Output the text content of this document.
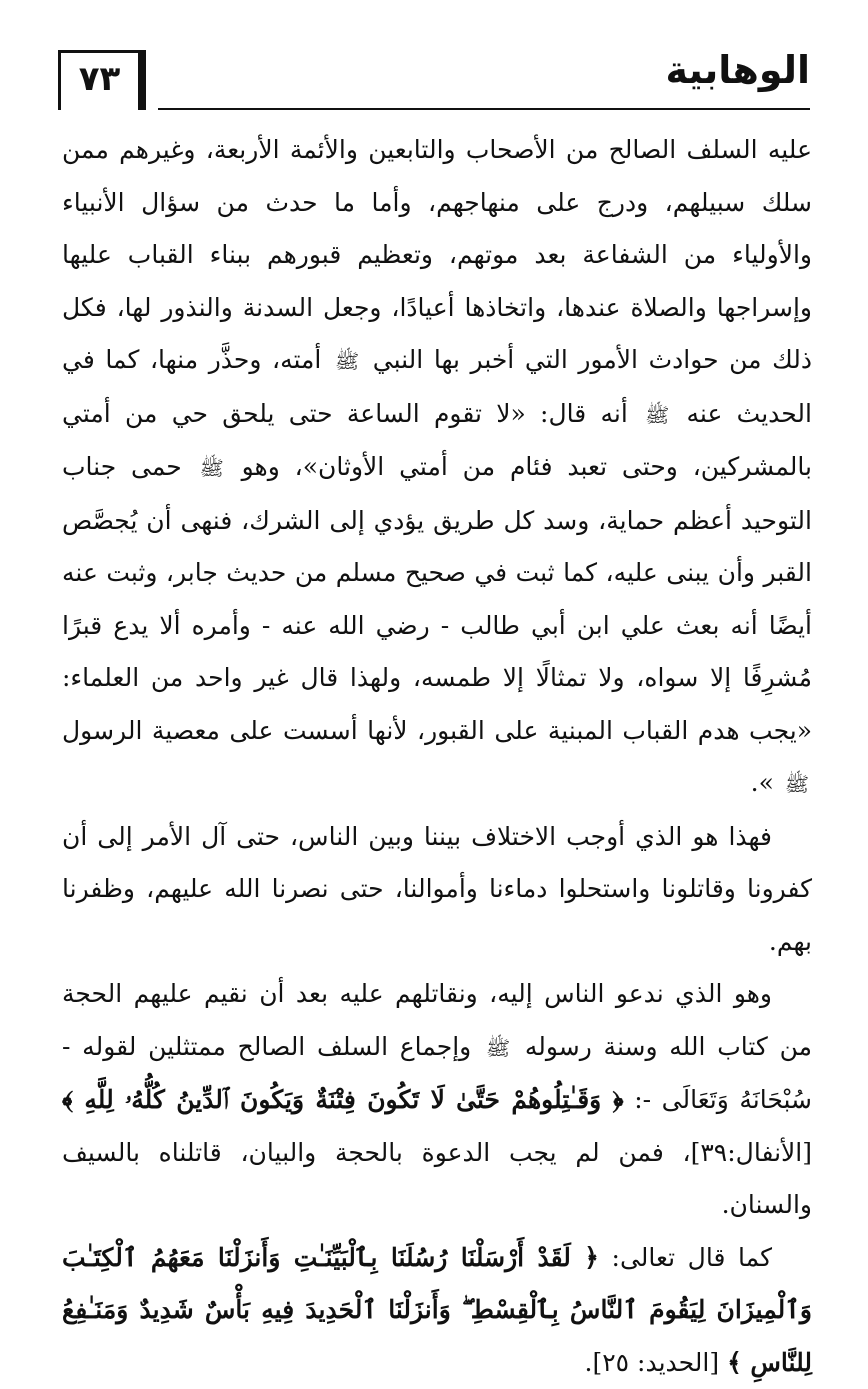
٧٣	الوهابية

عليه السلف الصالح من الأصحاب والتابعين والأئمة الأربعة، وغيرهم ممن سلك سبيلهم، ودرج على منهاجهم، وأما ما حدث من سؤال الأنبياء والأولياء من الشفاعة بعد موتهم، وتعظيم قبورهم ببناء القباب عليها وإسراجها والصلاة عندها، واتخاذها أعيادًا، وجعل السدنة والنذور لها، فكل ذلك من حوادث الأمور التي أخبر بها النبي ﷺ أمته، وحذَّر منها، كما في الحديث عنه ﷺ أنه قال: «لا تقوم الساعة حتى يلحق حي من أمتي بالمشركين، وحتى تعبد فئام من أمتي الأوثان»، وهو ﷺ حمى جناب التوحيد أعظم حماية، وسد كل طريق يؤدي إلى الشرك، فنهى أن يُجصَّص القبر وأن يبنى عليه، كما ثبت في صحيح مسلم من حديث جابر، وثبت عنه أيضًا أنه بعث علي ابن أبي طالب - رضي الله عنه - وأمره ألا يدع قبرًا مُشرِفًا إلا سواه، ولا تمثالًا إلا طمسه، ولهذا قال غير واحد من العلماء: «يجب هدم القباب المبنية على القبور، لأنها أسست على معصية الرسول ﷺ ».

فهذا هو الذي أوجب الاختلاف بيننا وبين الناس، حتى آل الأمر إلى أن كفرونا وقاتلونا واستحلوا دماءنا وأموالنا، حتى نصرنا الله عليهم، وظفرنا بهم.

وهو الذي ندعو الناس إليه، ونقاتلهم عليه بعد أن نقيم عليهم الحجة من كتاب الله وسنة رسوله ﷺ وإجماع السلف الصالح ممتثلين لقوله - سُبْحَانَهُ وَتَعَالَى -: ﴿ وَقَـٰتِلُوهُمْ حَتَّىٰ لَا تَكُونَ فِتْنَةٌ وَيَكُونَ ٱلدِّينُ كُلُّهُۥ لِلَّهِ ﴾ [الأنفال:٣٩]، فمن لم يجب الدعوة بالحجة والبيان، قاتلناه بالسيف والسنان.

كما قال تعالى: ﴿ لَقَدْ أَرْسَلْنَا رُسُلَنَا بِٱلْبَيِّنَـٰتِ وَأَنزَلْنَا مَعَهُمُ ٱلْكِتَـٰبَ وَٱلْمِيزَانَ لِيَقُومَ ٱلنَّاسُ بِٱلْقِسْطِ ۖ وَأَنزَلْنَا ٱلْحَدِيدَ فِيهِ بَأْسٌ شَدِيدٌ وَمَنَـٰفِعُ لِلنَّاسِ ﴾ [الحديد: ٢٥].
